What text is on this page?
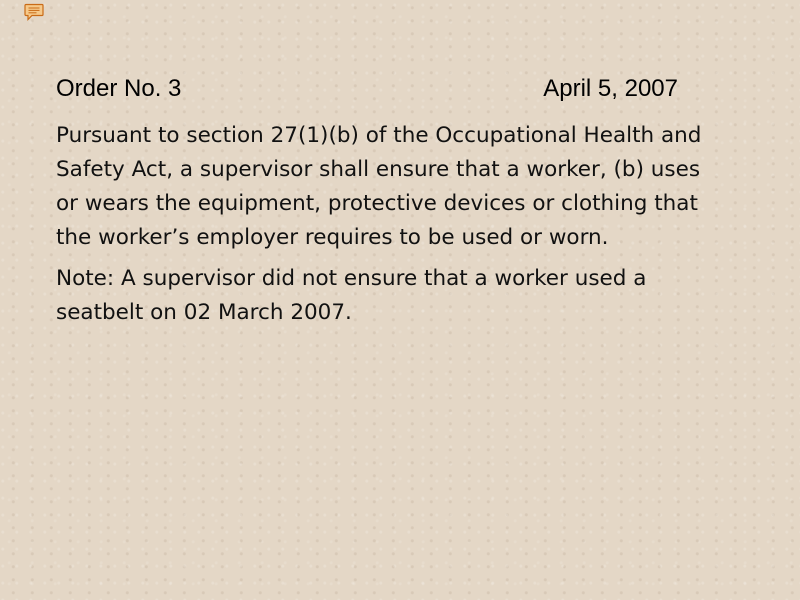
Order No. 3	April 5, 2007

Pursuant to section 27(1)(b) of the Occupational Health and
Safety Act, a supervisor shall ensure that a worker, (b) uses
or wears the equipment, protective devices or clothing that
the worker’s employer requires to be used or worn.

Note: A supervisor did not ensure that a worker used a
seatbelt on 02 March 2007.
